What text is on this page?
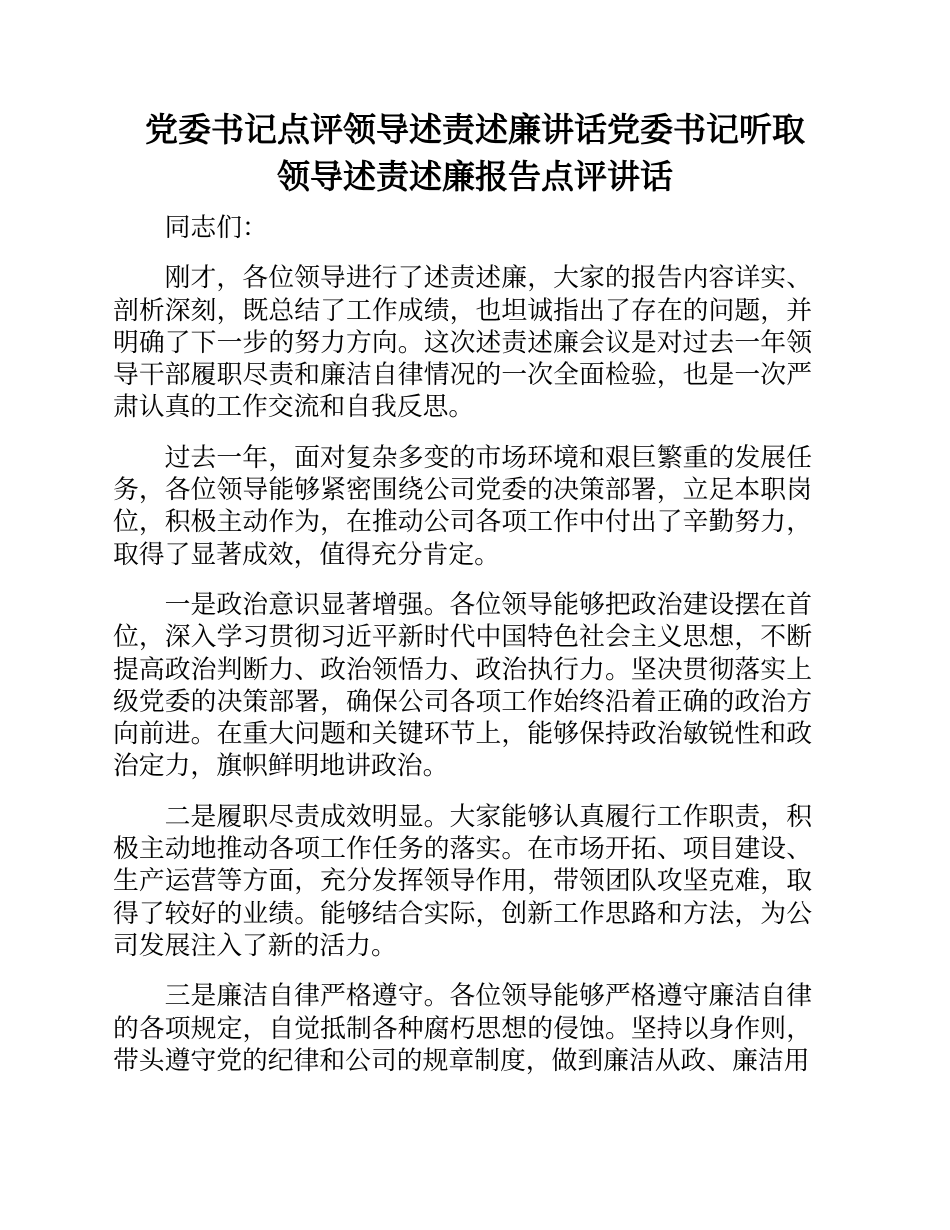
党委书记点评领导述责述廉讲话党委书记听取
领导述责述廉报告点评讲话

同志们：

刚才，各位领导进行了述责述廉，大家的报告内容详实、剖析深刻，既总结了工作成绩，也坦诚指出了存在的问题，并明确了下一步的努力方向。这次述责述廉会议是对过去一年领导干部履职尽责和廉洁自律情况的一次全面检验，也是一次严肃认真的工作交流和自我反思。

过去一年，面对复杂多变的市场环境和艰巨繁重的发展任务，各位领导能够紧密围绕公司党委的决策部署，立足本职岗位，积极主动作为，在推动公司各项工作中付出了辛勤努力，取得了显著成效，值得充分肯定。

一是政治意识显著增强。各位领导能够把政治建设摆在首位，深入学习贯彻习近平新时代中国特色社会主义思想，不断提高政治判断力、政治领悟力、政治执行力。坚决贯彻落实上级党委的决策部署，确保公司各项工作始终沿着正确的政治方向前进。在重大问题和关键环节上，能够保持政治敏锐性和政治定力，旗帜鲜明地讲政治。

二是履职尽责成效明显。大家能够认真履行工作职责，积极主动地推动各项工作任务的落实。在市场开拓、项目建设、生产运营等方面，充分发挥领导作用，带领团队攻坚克难，取得了较好的业绩。能够结合实际，创新工作思路和方法，为公司发展注入了新的活力。

三是廉洁自律严格遵守。各位领导能够严格遵守廉洁自律的各项规定，自觉抵制各种腐朽思想的侵蚀。坚持以身作则，带头遵守党的纪律和公司的规章制度，做到廉洁从政、廉洁用
